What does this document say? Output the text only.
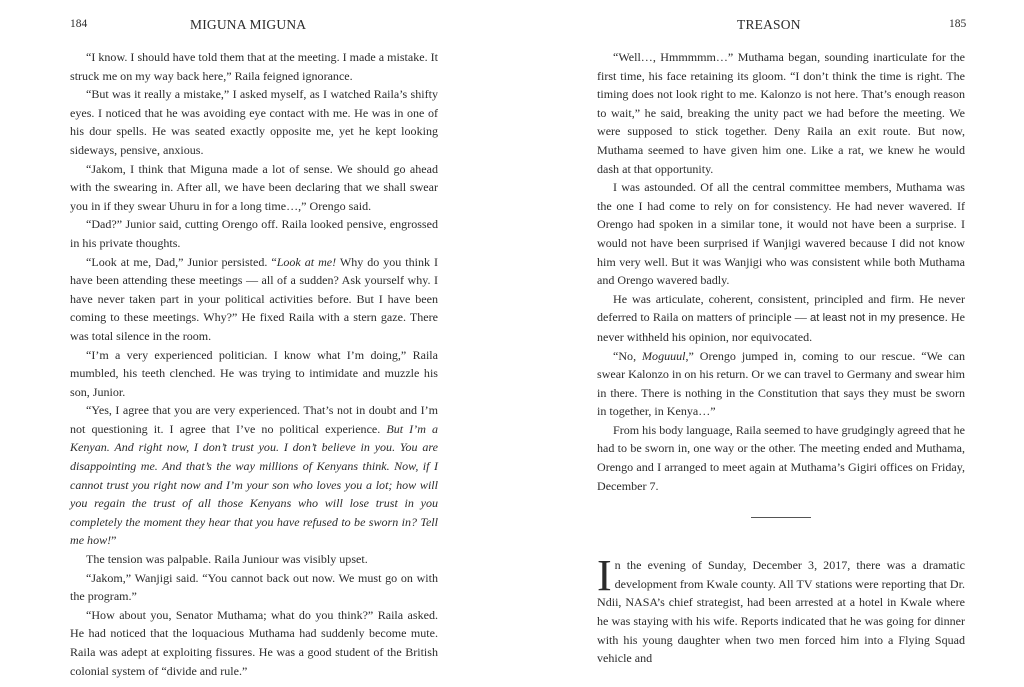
184	MIGUNA MIGUNA

“I know. I should have told them that at the meeting. I made a mistake. It struck me on my way back here,” Raila feigned ignorance.

“But was it really a mistake,” I asked myself, as I watched Raila’s shifty eyes. I noticed that he was avoiding eye contact with me. He was in one of his dour spells. He was seated exactly opposite me, yet he kept looking sideways, pensive, anxious.

“Jakom, I think that Miguna made a lot of sense. We should go ahead with the swearing in. After all, we have been declaring that we shall swear you in if they swear Uhuru in for a long time…,” Orengo said.

“Dad?” Junior said, cutting Orengo off. Raila looked pensive, engrossed in his private thoughts.

“Look at me, Dad,” Junior persisted. “Look at me! Why do you think I have been attending these meetings — all of a sudden? Ask yourself why. I have never taken part in your political activities before. But I have been coming to these meetings. Why?” He fixed Raila with a stern gaze. There was total silence in the room.

“I’m a very experienced politician. I know what I’m doing,” Raila mumbled, his teeth clenched. He was trying to intimidate and muzzle his son, Junior.

“Yes, I agree that you are very experienced. That’s not in doubt and I’m not questioning it. I agree that I’ve no political experience. But I’m a Kenyan. And right now, I don’t trust you. I don’t believe in you. You are disappointing me. And that’s the way millions of Kenyans think. Now, if I cannot trust you right now and I’m your son who loves you a lot; how will you regain the trust of all those Kenyans who will lose trust in you completely the moment they hear that you have refused to be sworn in? Tell me how!”

The tension was palpable. Raila Juniour was visibly upset.

“Jakom,” Wanjigi said. “You cannot back out now. We must go on with the program.”

“How about you, Senator Muthama; what do you think?” Raila asked. He had noticed that the loquacious Muthama had suddenly become mute. Raila was adept at exploiting fissures. He was a good student of the British colonial system of “divide and rule.”

TREASON	185

“Well…, Hmmmmm…” Muthama began, sounding inarticulate for the first time, his face retaining its gloom. “I don’t think the time is right. The timing does not look right to me. Kalonzo is not here. That’s enough reason to wait,” he said, breaking the unity pact we had before the meeting. We were supposed to stick together. Deny Raila an exit route. But now, Muthama seemed to have given him one. Like a rat, we knew he would dash at that opportunity.

I was astounded. Of all the central committee members, Muthama was the one I had come to rely on for consistency. He had never wavered. If Orengo had spoken in a similar tone, it would not have been a surprise. I would not have been surprised if Wanjigi wavered because I did not know him very well. But it was Wanjigi who was consistent while both Muthama and Orengo wavered badly.

He was articulate, coherent, consistent, principled and firm. He never deferred to Raila on matters of principle — at least not in my presence. He never withheld his opinion, nor equivocated.

“No, Moguuul,” Orengo jumped in, coming to our rescue. “We can swear Kalonzo in on his return. Or we can travel to Germany and swear him in there. There is nothing in the Constitution that says they must be sworn in together, in Kenya…”

From his body language, Raila seemed to have grudgingly agreed that he had to be sworn in, one way or the other. The meeting ended and Muthama, Orengo and I arranged to meet again at Muthama’s Gigiri offices on Friday, December 7.

In the evening of Sunday, December 3, 2017, there was a dramatic development from Kwale county. All TV stations were reporting that Dr. Ndii, NASA’s chief strategist, had been arrested at a hotel in Kwale where he was staying with his wife. Reports indicated that he was going for dinner with his young daughter when two men forced him into a Flying Squad vehicle and
